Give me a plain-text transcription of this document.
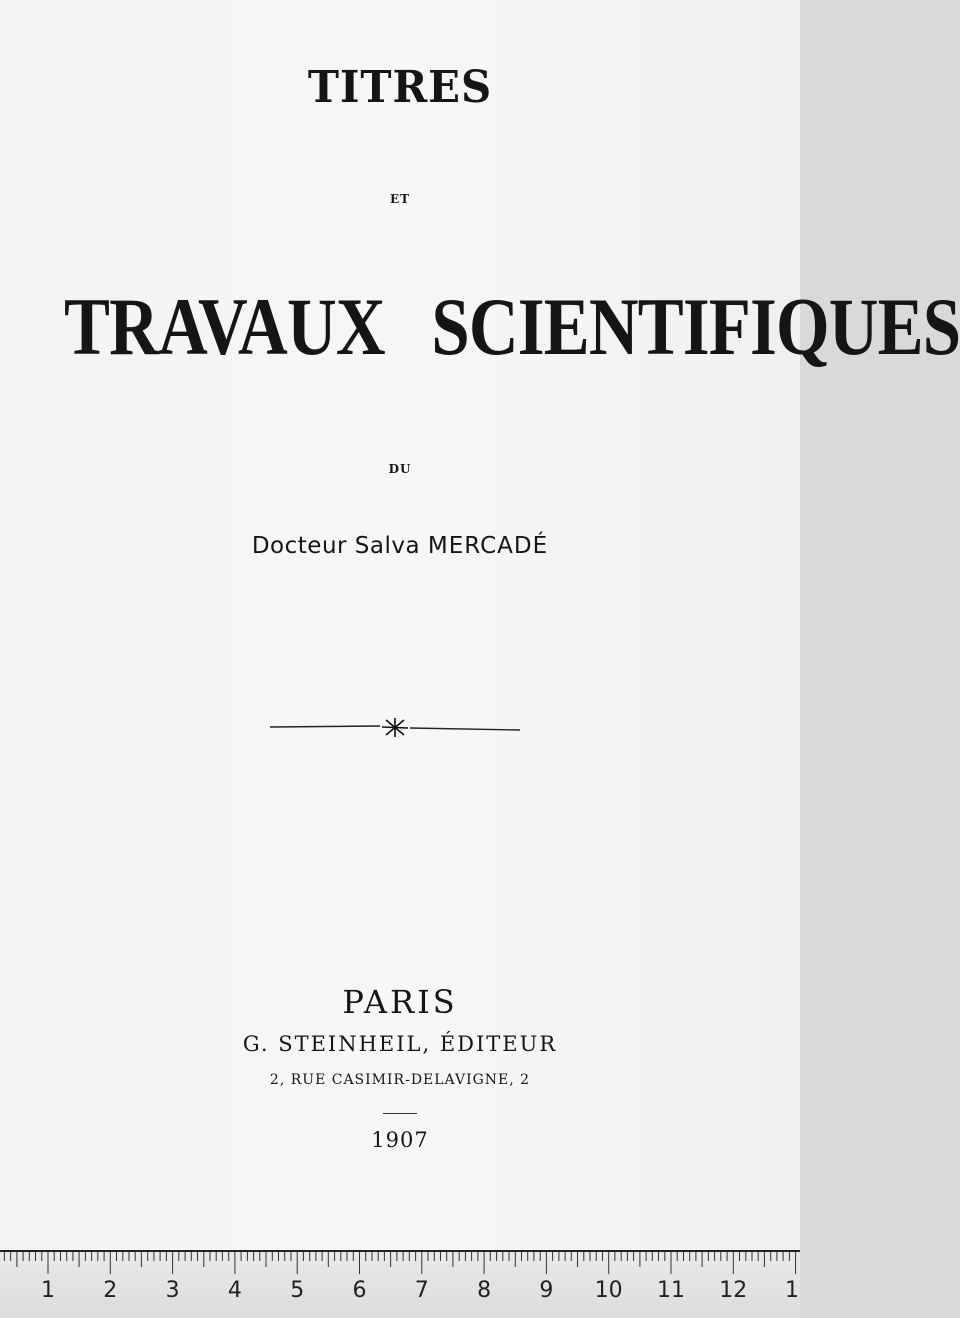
TITRES
ET
TRAVAUX SCIENTIFIQUES
DU
Docteur Salva MERCADÉ
PARIS
G. STEINHEIL, ÉDITEUR
2, RUE CASIMIR-DELAVIGNE, 2
1907
1 2 3 4 5 6 7 8 9 10 11 12 1
